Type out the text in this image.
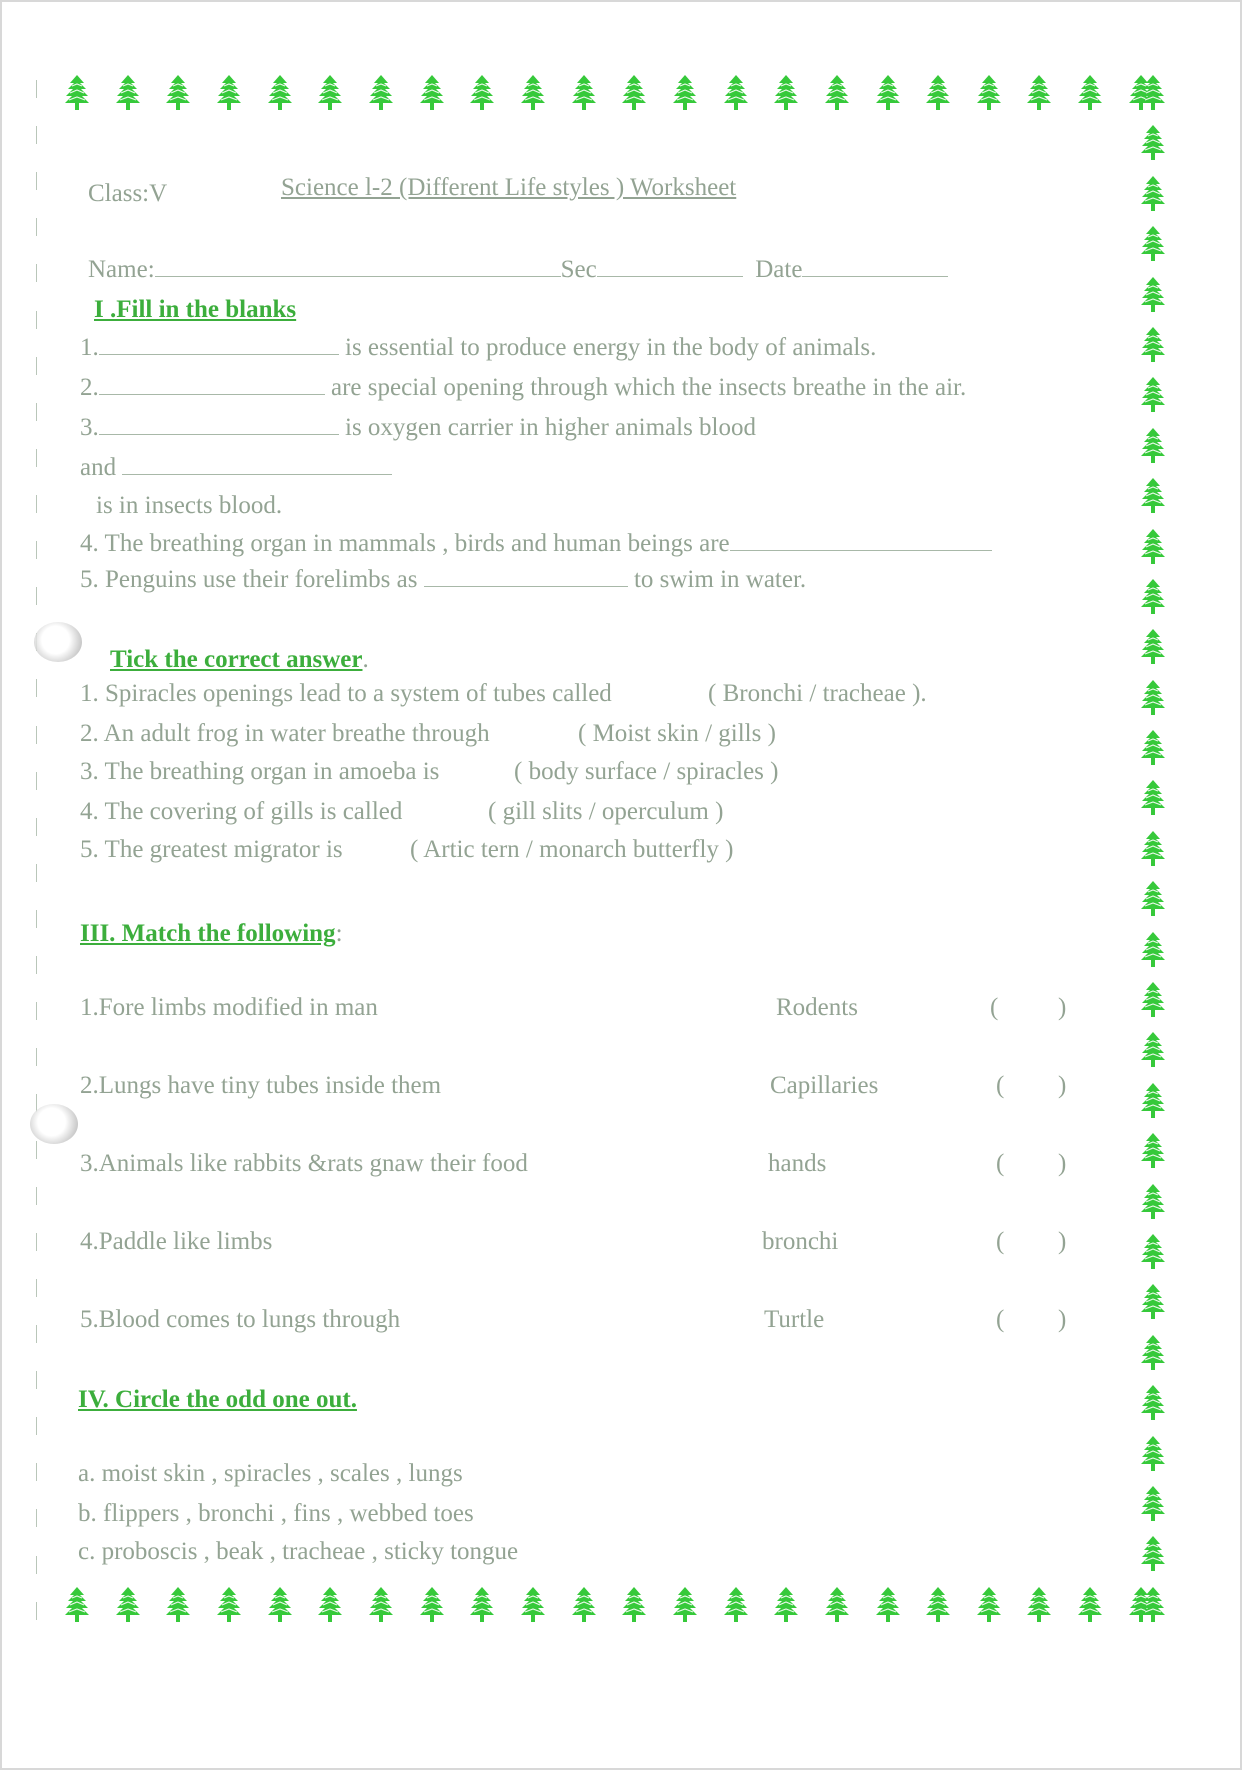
Class:V	Science l-2 (Different Life styles ) Worksheet
Name:	Sec	Date
I .Fill in the blanks
1.	is essential to produce energy in the body of animals.
2.	are special opening through which the insects breathe in the air.
3.	is oxygen carrier in higher animals blood
and
is in insects blood.
4. The breathing organ in mammals , birds and human beings are
5. Penguins use their forelimbs as	to swim in water.
Tick the correct answer.
1. Spiracles openings lead to a system of tubes called	( Bronchi / tracheae ).
2. An adult frog in water breathe through	( Moist skin / gills )
3. The breathing organ in amoeba is	( body surface / spiracles )
4. The covering of gills is called	( gill slits / operculum )
5. The greatest migrator is	( Artic tern / monarch butterfly )
III. Match the following:
1.Fore limbs modified in man	Rodents	( )
2.Lungs have tiny tubes inside them	Capillaries	( )
3.Animals like rabbits &rats gnaw their food	hands	( )
4.Paddle like limbs	bronchi	( )
5.Blood comes to lungs through	Turtle	( )
IV. Circle the odd one out.
a. moist skin , spiracles , scales , lungs
b. flippers , bronchi , fins , webbed toes
c. proboscis , beak , tracheae , sticky tongue
